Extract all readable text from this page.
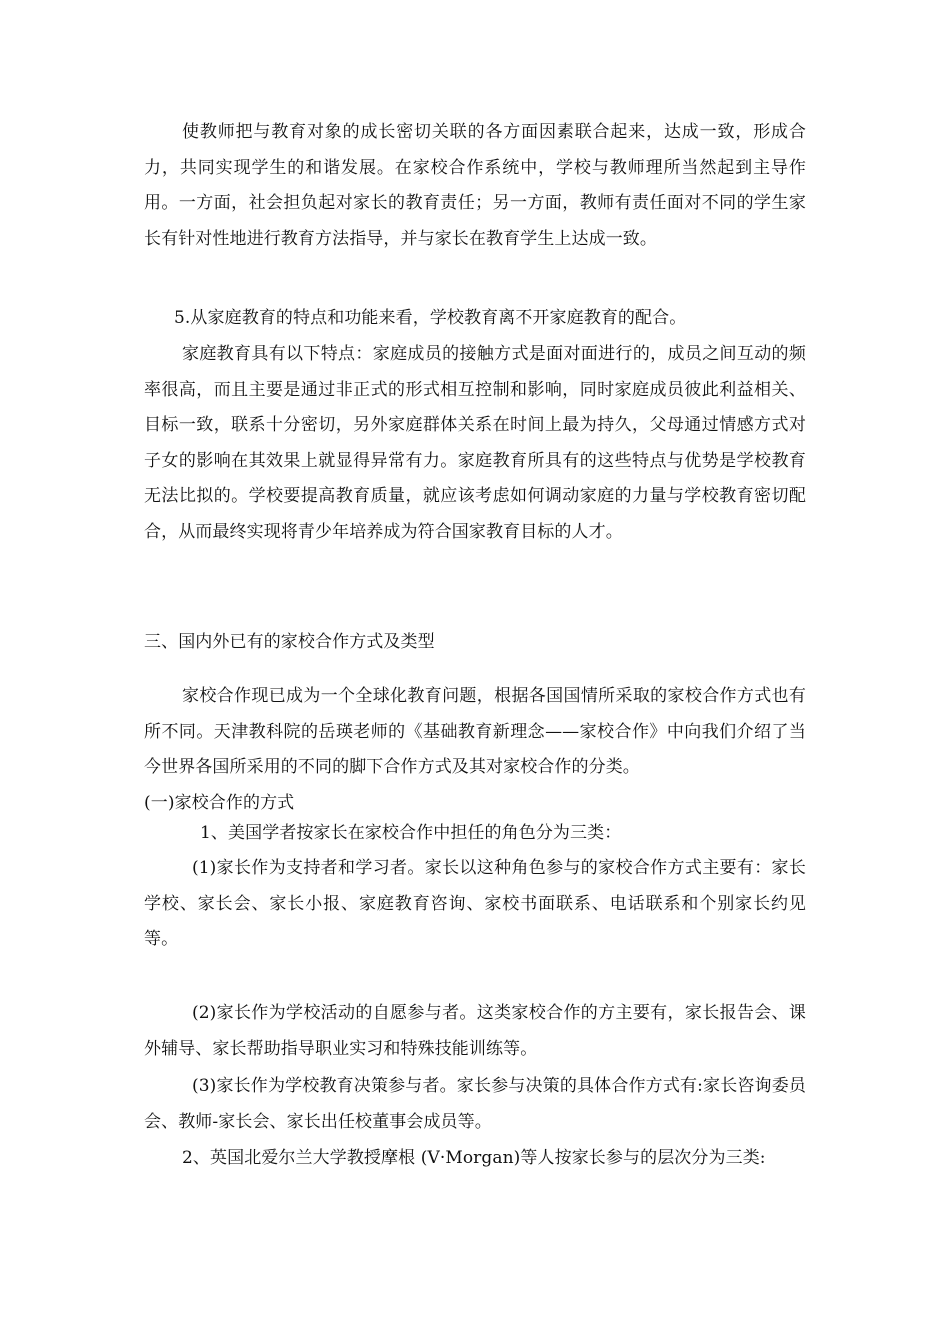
使教师把与教育对象的成长密切关联的各方面因素联合起来，达成一致，形成合力，共同实现学生的和谐发展。在家校合作系统中，学校与教师理所当然起到主导作用。一方面，社会担负起对家长的教育责任；另一方面，教师有责任面对不同的学生家长有针对性地进行教育方法指导，并与家长在教育学生上达成一致。

5.从家庭教育的特点和功能来看，学校教育离不开家庭教育的配合。

家庭教育具有以下特点：家庭成员的接触方式是面对面进行的，成员之间互动的频率很高，而且主要是通过非正式的形式相互控制和影响，同时家庭成员彼此利益相关、目标一致，联系十分密切，另外家庭群体关系在时间上最为持久，父母通过情感方式对子女的影响在其效果上就显得异常有力。家庭教育所具有的这些特点与优势是学校教育无法比拟的。学校要提高教育质量，就应该考虑如何调动家庭的力量与学校教育密切配合，从而最终实现将青少年培养成为符合国家教育目标的人才。

三、国内外已有的家校合作方式及类型

家校合作现已成为一个全球化教育问题，根据各国国情所采取的家校合作方式也有所不同。天津教科院的岳瑛老师的《基础教育新理念——家校合作》中向我们介绍了当今世界各国所采用的不同的脚下合作方式及其对家校合作的分类。

(一)家校合作的方式

1、美国学者按家长在家校合作中担任的角色分为三类：

(1)家长作为支持者和学习者。家长以这种角色参与的家校合作方式主要有：家长学校、家长会、家长小报、家庭教育咨询、家校书面联系、电话联系和个别家长约见等。

(2)家长作为学校活动的自愿参与者。这类家校合作的方主要有，家长报告会、课外辅导、家长帮助指导职业实习和特殊技能训练等。

(3)家长作为学校教育决策参与者。家长参与决策的具体合作方式有:家长咨询委员会、教师-家长会、家长出任校董事会成员等。

2、英国北爱尔兰大学教授摩根 (V·Morgan)等人按家长参与的层次分为三类:
